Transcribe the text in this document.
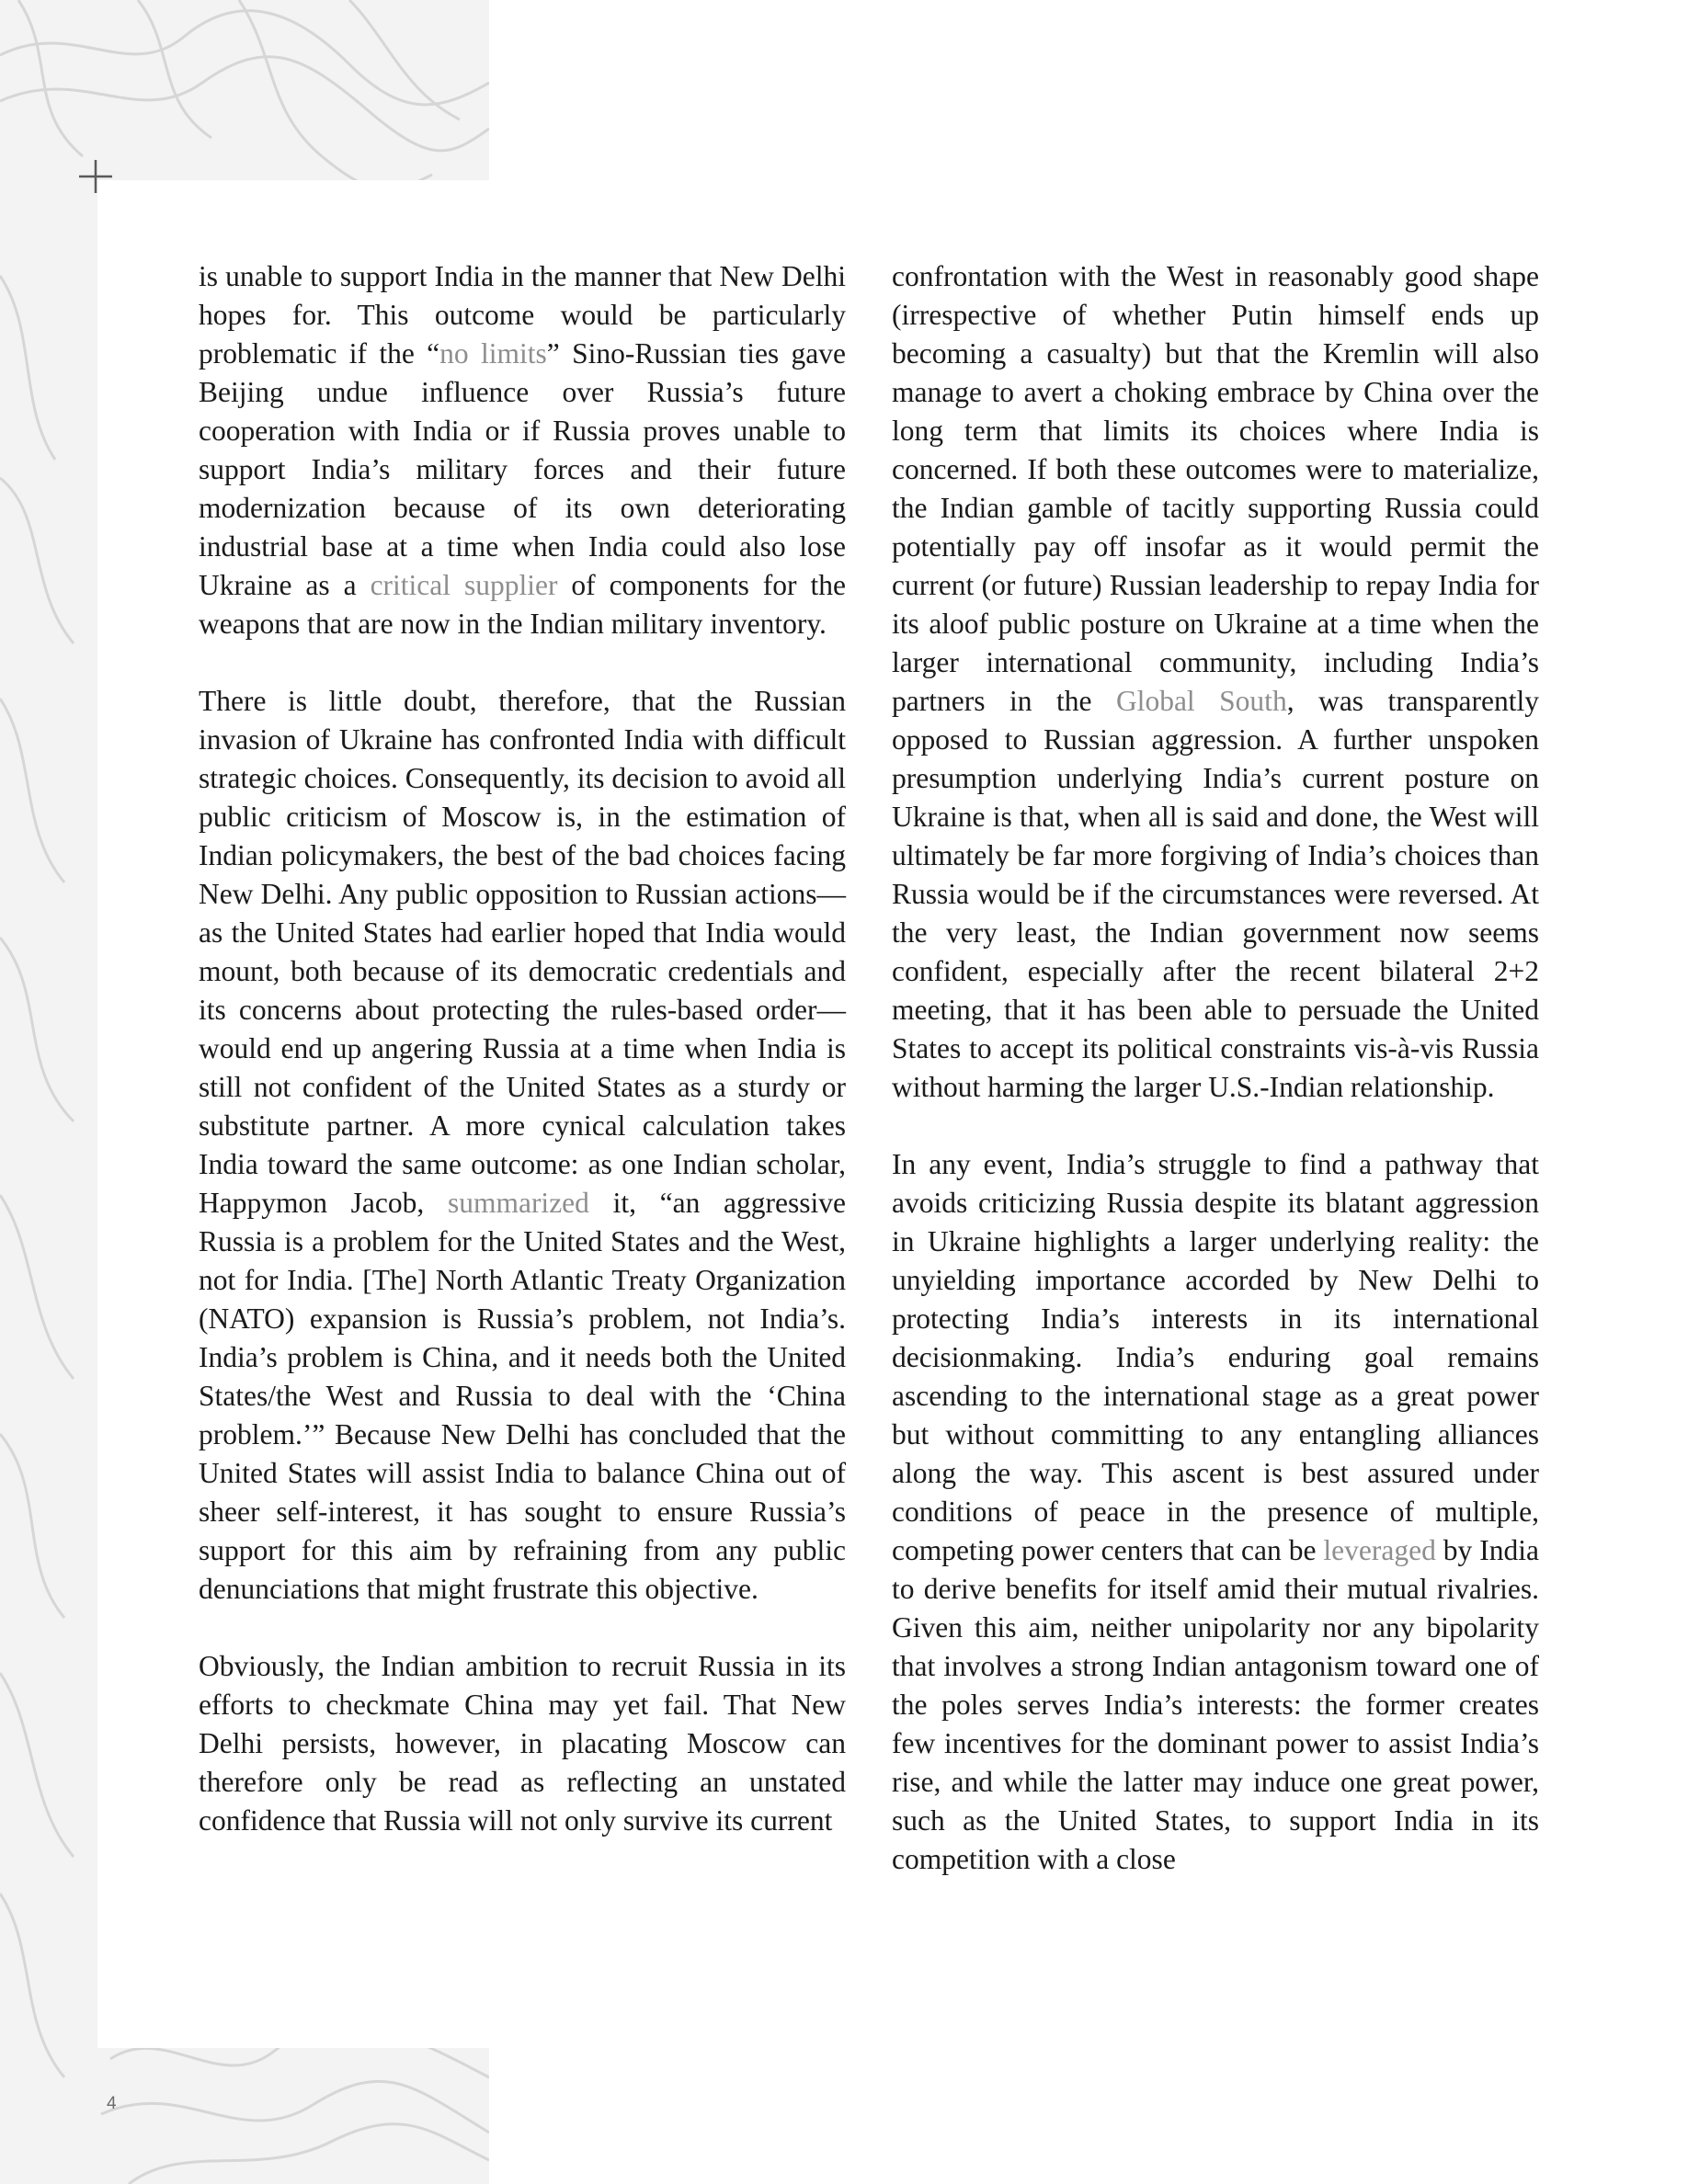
is unable to support India in the manner that New Delhi hopes for. This outcome would be particularly problematic if the “no limits” Sino-Russian ties gave Beijing undue influence over Russia’s future cooperation with India or if Russia proves unable to support India’s military forces and their future modernization because of its own deteriorating industrial base at a time when India could also lose Ukraine as a critical supplier of components for the weapons that are now in the Indian military inventory.

There is little doubt, therefore, that the Russian invasion of Ukraine has confronted India with difficult strategic choices. Consequently, its decision to avoid all public criticism of Moscow is, in the estimation of Indian policymakers, the best of the bad choices facing New Delhi. Any public opposition to Russian actions—as the United States had earlier hoped that India would mount, both because of its democratic credentials and its concerns about protecting the rules-based order—would end up angering Russia at a time when India is still not confident of the United States as a sturdy or substitute partner. A more cynical calculation takes India toward the same outcome: as one Indian scholar, Happymon Jacob, summarized it, “an aggressive Russia is a problem for the United States and the West, not for India. [The] North Atlantic Treaty Organization (NATO) expansion is Russia’s problem, not India’s. India’s problem is China, and it needs both the United States/the West and Russia to deal with the ‘China problem.’” Because New Delhi has concluded that the United States will assist India to balance China out of sheer self-interest, it has sought to ensure Russia’s support for this aim by refraining from any public denunciations that might frustrate this objective.

Obviously, the Indian ambition to recruit Russia in its efforts to checkmate China may yet fail. That New Delhi persists, however, in placating Moscow can therefore only be read as reflecting an unstated confidence that Russia will not only survive its current

confrontation with the West in reasonably good shape (irrespective of whether Putin himself ends up becoming a casualty) but that the Kremlin will also manage to avert a choking embrace by China over the long term that limits its choices where India is concerned. If both these outcomes were to materialize, the Indian gamble of tacitly supporting Russia could potentially pay off insofar as it would permit the current (or future) Russian leadership to repay India for its aloof public posture on Ukraine at a time when the larger international community, including India’s partners in the Global South, was transparently opposed to Russian aggression. A further unspoken presumption underlying India’s current posture on Ukraine is that, when all is said and done, the West will ultimately be far more forgiving of India’s choices than Russia would be if the circumstances were reversed. At the very least, the Indian government now seems confident, especially after the recent bilateral 2+2 meeting, that it has been able to persuade the United States to accept its political constraints vis-à-vis Russia without harming the larger U.S.-Indian relationship.

In any event, India’s struggle to find a pathway that avoids criticizing Russia despite its blatant aggression in Ukraine highlights a larger underlying reality: the unyielding importance accorded by New Delhi to protecting India’s interests in its international decisionmaking. India’s enduring goal remains ascending to the international stage as a great power but without committing to any entangling alliances along the way. This ascent is best assured under conditions of peace in the presence of multiple, competing power centers that can be leveraged by India to derive benefits for itself amid their mutual rivalries. Given this aim, neither unipolarity nor any bipolarity that involves a strong Indian antagonism toward one of the poles serves India’s interests: the former creates few incentives for the dominant power to assist India’s rise, and while the latter may induce one great power, such as the United States, to support India in its competition with a close

4
